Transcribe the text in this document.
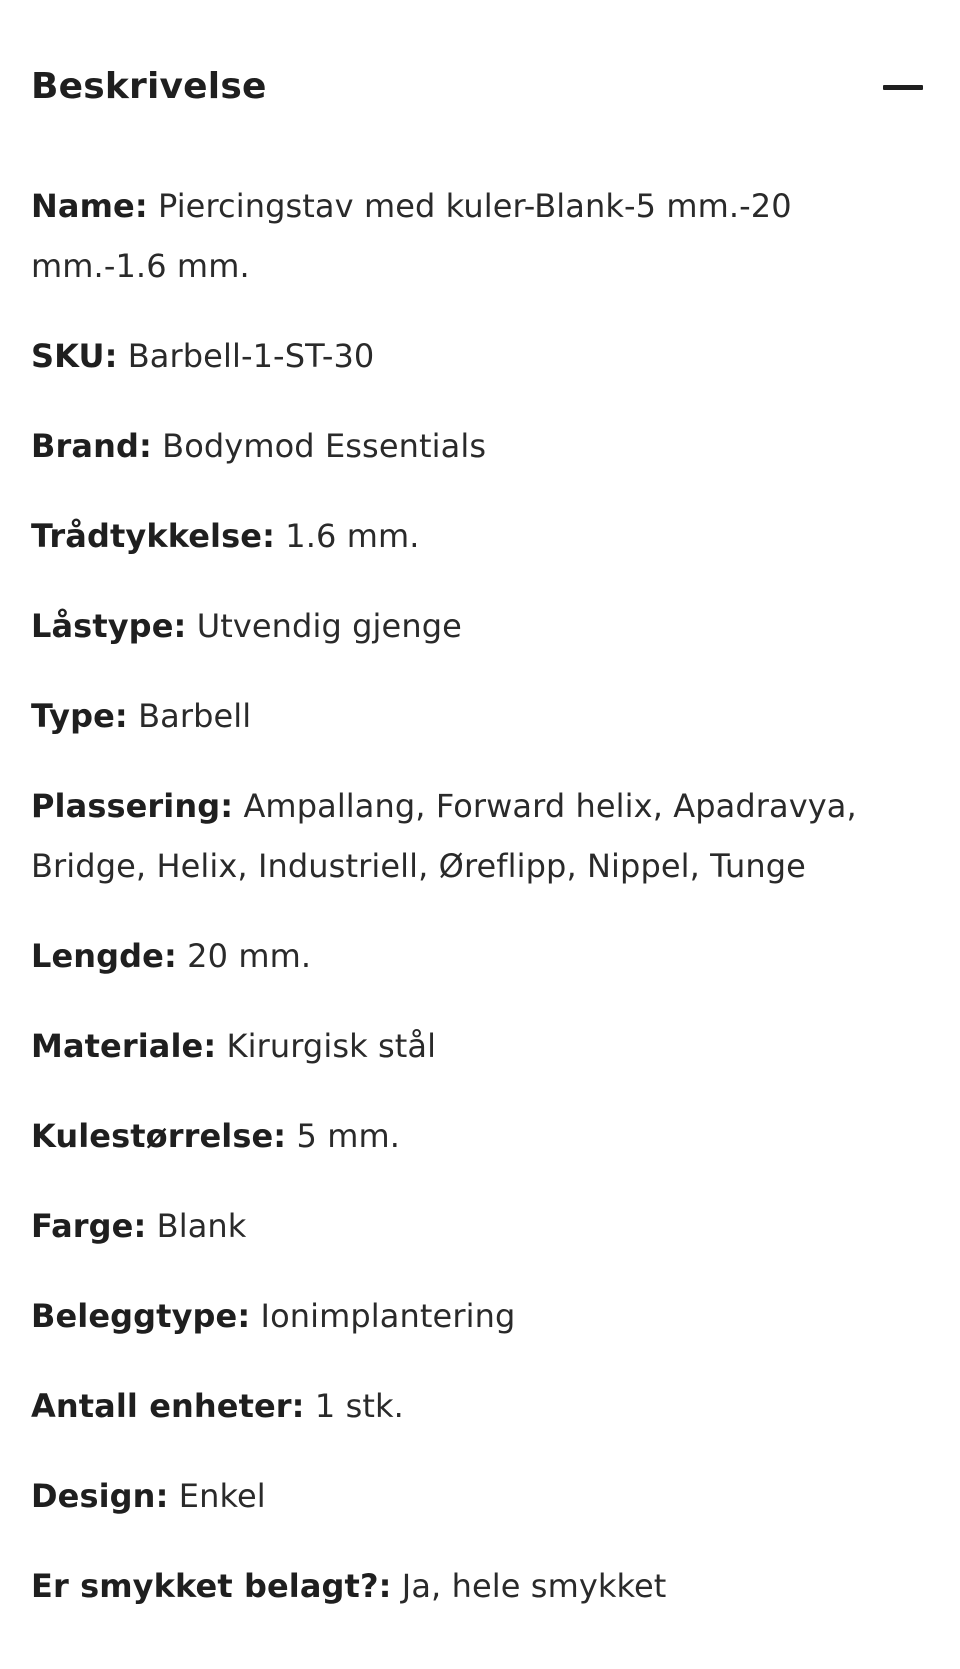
Beskrivelse
Name: Piercingstav med kuler-Blank-5 mm.-20 mm.-1.6 mm.
SKU: Barbell-1-ST-30
Brand: Bodymod Essentials
Trådtykkelse: 1.6 mm.
Låstype: Utvendig gjenge
Type: Barbell
Plassering: Ampallang, Forward helix, Apadravya, Bridge, Helix, Industriell, Øreflipp, Nippel, Tunge
Lengde: 20 mm.
Materiale: Kirurgisk stål
Kulestørrelse: 5 mm.
Farge: Blank
Beleggtype: Ionimplantering
Antall enheter: 1 stk.
Design: Enkel
Er smykket belagt?: Ja, hele smykket
